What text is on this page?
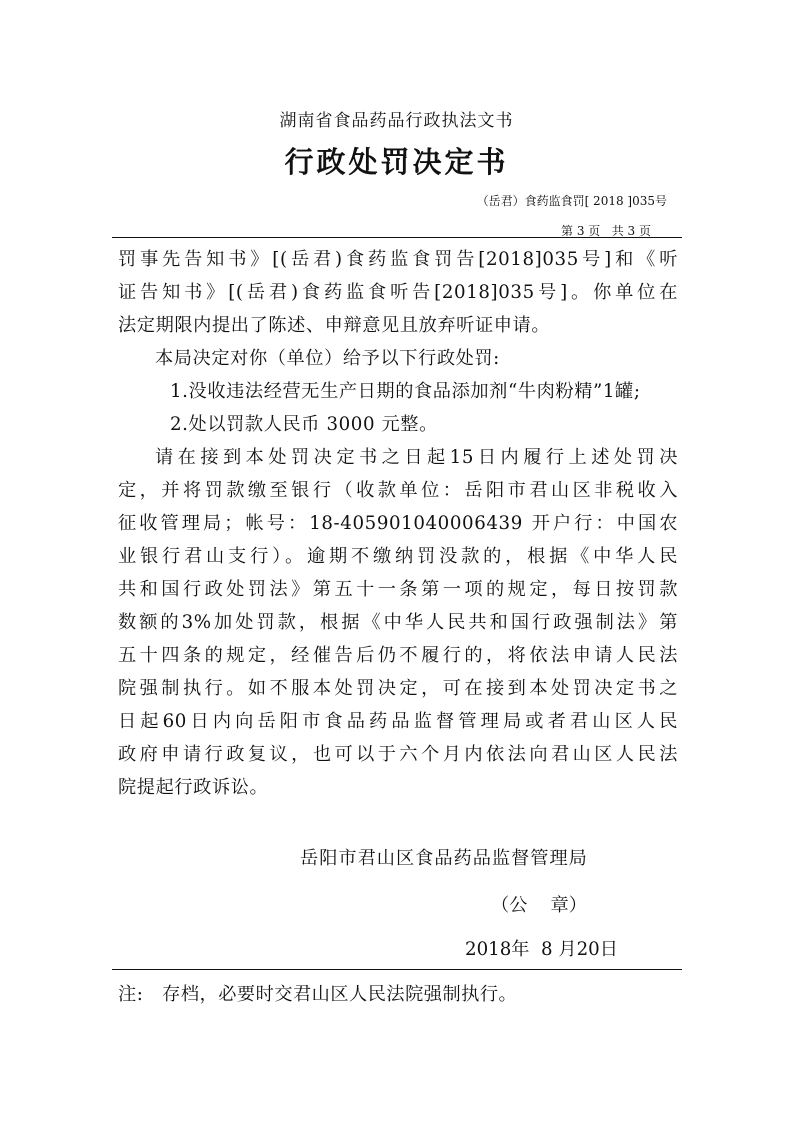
湖南省食品药品行政执法文书
行政处罚决定书
（岳君）食药监食罚[ 2018 ]035号
第 3 页   共 3 页

罚事先告知书》[(岳君)食药监食罚告[2018]035号]和《听

证告知书》[(岳君)食药监食听告[2018]035号]。你单位在

法定期限内提出了陈述、申辩意见且放弃听证申请。

本局决定对你（单位）给予以下行政处罚:

1.没收违法经营无生产日期的食品添加剂“牛肉粉精”1罐;

2.处以罚款人民币 3000 元整。

请在接到本处罚决定书之日起15日内履行上述处罚决

定，并将罚款缴至银行（收款单位：岳阳市君山区非税收入

征收管理局；帐号：18-405901040006439 开户行：中国农

业银行君山支行）。逾期不缴纳罚没款的，根据《中华人民

共和国行政处罚法》第五十一条第一项的规定，每日按罚款

数额的3%加处罚款，根据《中华人民共和国行政强制法》第

五十四条的规定，经催告后仍不履行的，将依法申请人民法

院强制执行。如不服本处罚决定，可在接到本处罚决定书之

日起60日内向岳阳市食品药品监督管理局或者君山区人民

政府申请行政复议，也可以于六个月内依法向君山区人民法

院提起行政诉讼。

岳阳市君山区食品药品监督管理局
（公    章）
2018年  8 月20日
注:   存档，必要时交君山区人民法院强制执行。
